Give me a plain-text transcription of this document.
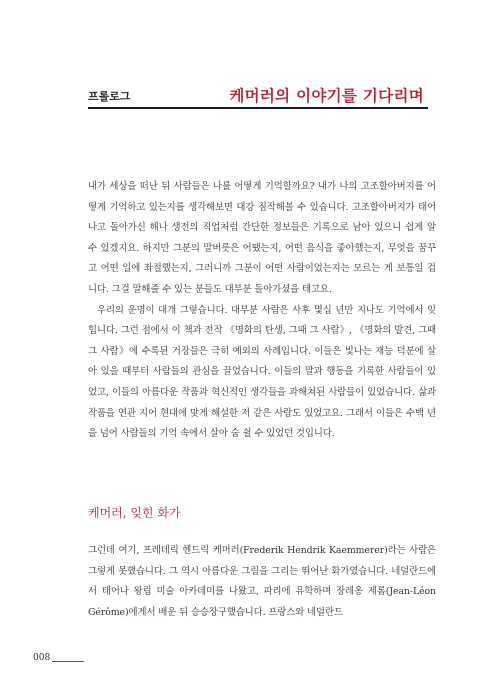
프롤로그	케머러의 이야기를 기다리며

내가 세상을 떠난 뒤 사람들은 나를 어떻게 기억할까요? 내가 나의 고조할아버지를 어떻게 기억하고 있는지를 생각해보면 대강 짐작해볼 수 있습니다. 고조할아버지가 태어나고 돌아가신 해나 생전의 직업처럼 간단한 정보들은 기록으로 남아 있으니 쉽게 알 수 있겠지요. 하지만 그분의 말버릇은 어땠는지, 어떤 음식을 좋아했는지, 무엇을 꿈꾸고 어떤 일에 좌절했는지, 그러니까 그분이 어떤 사람이었는지는 모르는 게 보통일 겁니다. 그걸 말해줄 수 있는 분들도 대부분 돌아가셨을 테고요.

우리의 운명이 대개 그렇습니다. 대부분 사람은 사후 몇십 년만 지나도 기억에서 잊힙니다. 그런 점에서 이 책과 전작 《명화의 탄생, 그때 그 사람》, 《명화의 발견, 그때 그 사람》에 수록된 거장들은 극히 예외의 사례입니다. 이들은 빛나는 재능 덕분에 살아 있을 때부터 사람들의 관심을 끌었습니다. 이들의 말과 행동을 기록한 사람들이 있었고, 이들의 아름다운 작품과 혁신적인 생각들을 과해쳐된 사람들이 있었습니다. 삶과 작품을 연관 지어 현대에 맞게 해설한 저 같은 사람도 있었고요. 그래서 이들은 수백 년을 넘어 사람들의 기억 속에서 살아 숨 쉴 수 있었던 것입니다.

케머러, 잊힌 화가

그런데 여기, 프레데릭 헨드릭 케머러(Frederik Hendrik Kaemmerer)라는 사람은 그렇게 못했습니다. 그 역시 아름다운 그림을 그리는 뛰어난 화가였습니다. 네덜란드에서 태어나 왕립 미술 아카데미를 나왔고, 파리에 유학하며 장레옹 제롬(Jean-Léon Gérôme)에게서 배운 뒤 승승장구했습니다. 프랑스와 네덜란드

008
